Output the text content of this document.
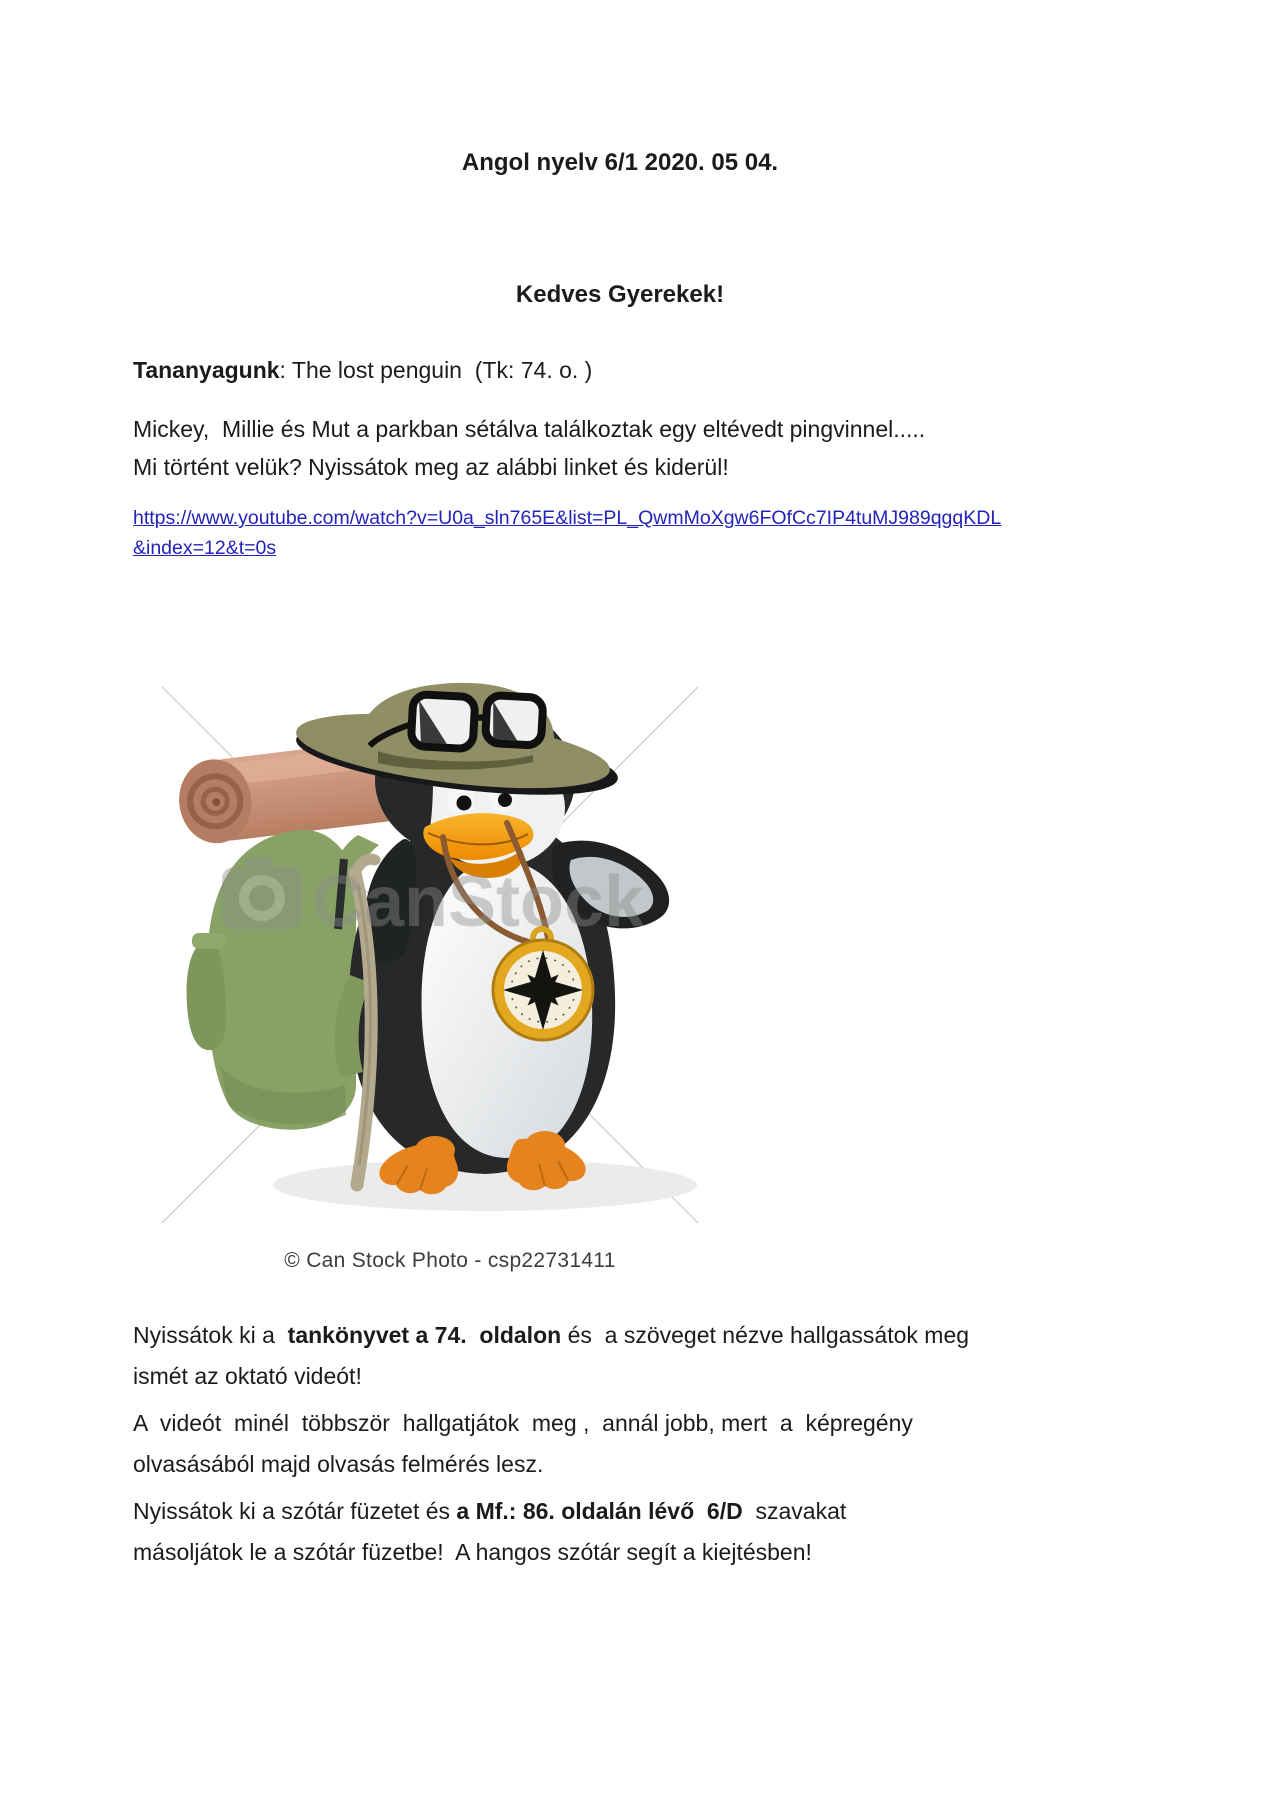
Angol nyelv 6/1 2020. 05 04.
Kedves Gyerekek!
Tananyagunk: The lost penguin  (Tk: 74. o. )
Mickey,  Millie és Mut a parkban sétálva találkoztak egy eltévedt pingvinnel.....
Mi történt velük? Nyissátok meg az alábbi linket és kiderül!
https://www.youtube.com/watch?v=U0a_sln765E&list=PL_QwmMoXgw6FOfCc7IP4tuMJ989qgqKDL
&index=12&t=0s
CanStock
© Can Stock Photo - csp22731411
Nyissátok ki a  tankönyvet a 74.  oldalon és  a szöveget nézve hallgassátok meg
ismét az oktató videót!
A  videót  minél  többször  hallgatjátok  meg ,  annál jobb, mert  a  képregény
olvasásából majd olvasás felmérés lesz.
Nyissátok ki a szótár füzetet és a Mf.: 86. oldalán lévő  6/D  szavakat
másoljátok le a szótár füzetbe!  A hangos szótár segít a kiejtésben!
